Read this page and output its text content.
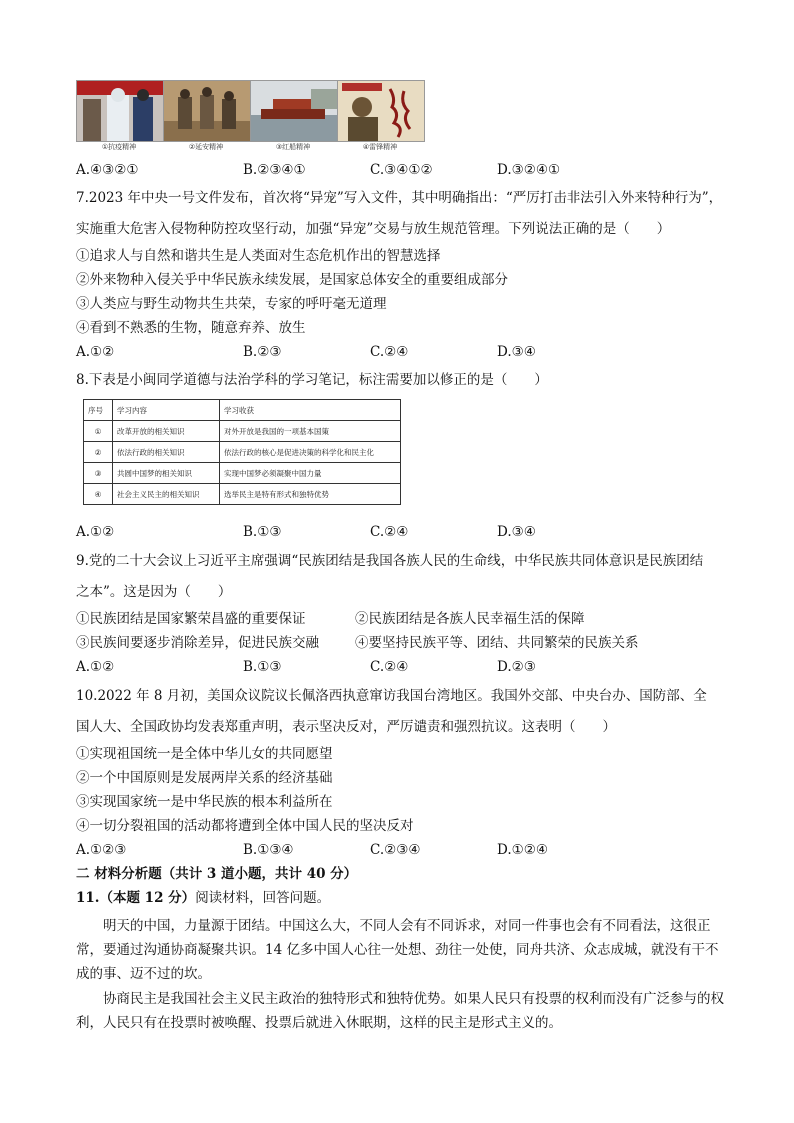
①抗疫精神	②延安精神	③红船精神	④雷锋精神
A.④③②①	B.②③④①	C.③④①②	D.③②④①
7.2023 年中央一号文件发布，首次将“异宠”写入文件，其中明确指出：“严厉打击非法引入外来特种行为”，
实施重大危害入侵物种防控攻坚行动，加强“异宠”交易与放生规范管理。下列说法正确的是（　　）
①追求人与自然和谐共生是人类面对生态危机作出的智慧选择
②外来物种入侵关乎中华民族永续发展，是国家总体安全的重要组成部分
③人类应与野生动物共生共荣，专家的呼吁毫无道理
④看到不熟悉的生物，随意弃养、放生
A.①②	B.②③	C.②④	D.③④
8.下表是小闽同学道德与法治学科的学习笔记，标注需要加以修正的是（　　）
序号	学习内容	学习收获
①	改革开放的相关知识	对外开放是我国的一项基本国策
②	依法行政的相关知识	依法行政的核心是促进决策的科学化和民主化
③	共圆中国梦的相关知识	实现中国梦必须凝聚中国力量
④	社会主义民主的相关知识	选举民主是特有形式和独特优势
A.①②	B.①③	C.②④	D.③④
9.党的二十大会议上习近平主席强调“民族团结是我国各族人民的生命线，中华民族共同体意识是民族团结
之本”。这是因为（　　）
①民族团结是国家繁荣昌盛的重要保证	②民族团结是各族人民幸福生活的保障
③民族间要逐步消除差异，促进民族交融	④要坚持民族平等、团结、共同繁荣的民族关系
A.①②	B.①③	C.②④	D.②③
10.2022 年 8 月初，美国众议院议长佩洛西执意窜访我国台湾地区。我国外交部、中央台办、国防部、全
国人大、全国政协均发表郑重声明，表示坚决反对，严厉谴责和强烈抗议。这表明（　　）
①实现祖国统一是全体中华儿女的共同愿望
②一个中国原则是发展两岸关系的经济基础
③实现国家统一是中华民族的根本利益所在
④一切分裂祖国的活动都将遭到全体中国人民的坚决反对
A.①②③	B.①③④	C.②③④	D.①②④
二 材料分析题（共计 3 道小题，共计 40 分）
11.（本题 12 分）阅读材料，回答问题。
明天的中国，力量源于团结。中国这么大，不同人会有不同诉求，对同一件事也会有不同看法，这很正常，要通过沟通协商凝聚共识。14 亿多中国人心往一处想、劲往一处使，同舟共济、众志成城，就没有干不成的事、迈不过的坎。
协商民主是我国社会主义民主政治的独特形式和独特优势。如果人民只有投票的权利而没有广泛参与的权利，人民只有在投票时被唤醒、投票后就进入休眠期，这样的民主是形式主义的。
